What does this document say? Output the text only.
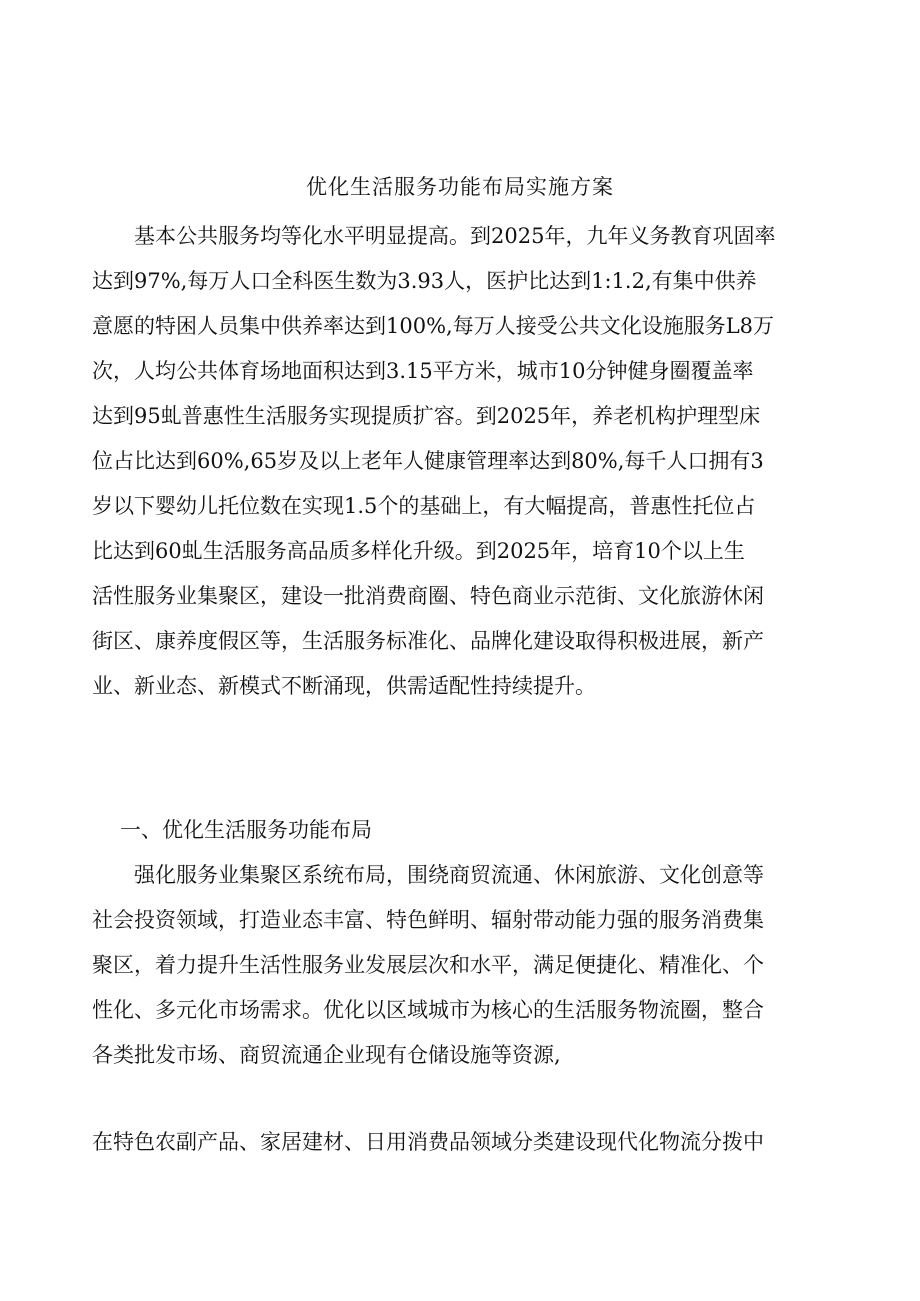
优化生活服务功能布局实施方案
基本公共服务均等化水平明显提高。到2025年，九年义务教育巩固率
达到97%,每万人口全科医生数为3.93人，医护比达到1:1.2,有集中供养
意愿的特困人员集中供养率达到100%,每万人接受公共文化设施服务L8万
次，人均公共体育场地面积达到3.15平方米，城市10分钟健身圈覆盖率
达到95虬普惠性生活服务实现提质扩容。到2025年，养老机构护理型床
位占比达到60%,65岁及以上老年人健康管理率达到80%,每千人口拥有3
岁以下婴幼儿托位数在实现1.5个的基础上，有大幅提高，普惠性托位占
比达到60虬生活服务高品质多样化升级。到2025年，培育10个以上生
活性服务业集聚区，建设一批消费商圈、特色商业示范街、文化旅游休闲
街区、康养度假区等，生活服务标准化、品牌化建设取得积极进展，新产
业、新业态、新模式不断涌现，供需适配性持续提升。
一、优化生活服务功能布局
强化服务业集聚区系统布局，围绕商贸流通、休闲旅游、文化创意等
社会投资领域，打造业态丰富、特色鲜明、辐射带动能力强的服务消费集
聚区，着力提升生活性服务业发展层次和水平，满足便捷化、精准化、个
性化、多元化市场需求。优化以区域城市为核心的生活服务物流圈，整合
各类批发市场、商贸流通企业现有仓储设施等资源,
在特色农副产品、家居建材、日用消费品领域分类建设现代化物流分拨中
